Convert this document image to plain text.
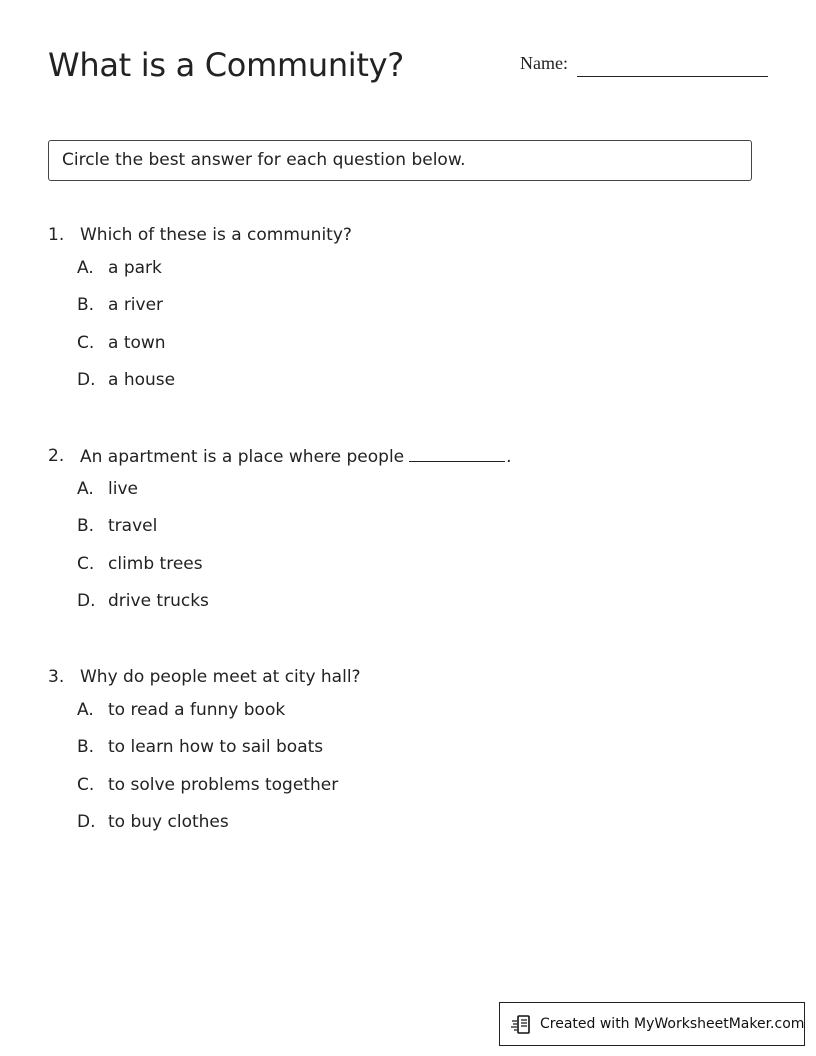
What is a Community?	Name:
Circle the best answer for each question below.
1. Which of these is a community?
A. a park
B. a river
C. a town
D. a house
2. An apartment is a place where people	.
A. live
B. travel
C. climb trees
D. drive trucks
3. Why do people meet at city hall?
A. to read a funny book
B. to learn how to sail boats
C. to solve problems together
D. to buy clothes
Created with MyWorksheetMaker.com
